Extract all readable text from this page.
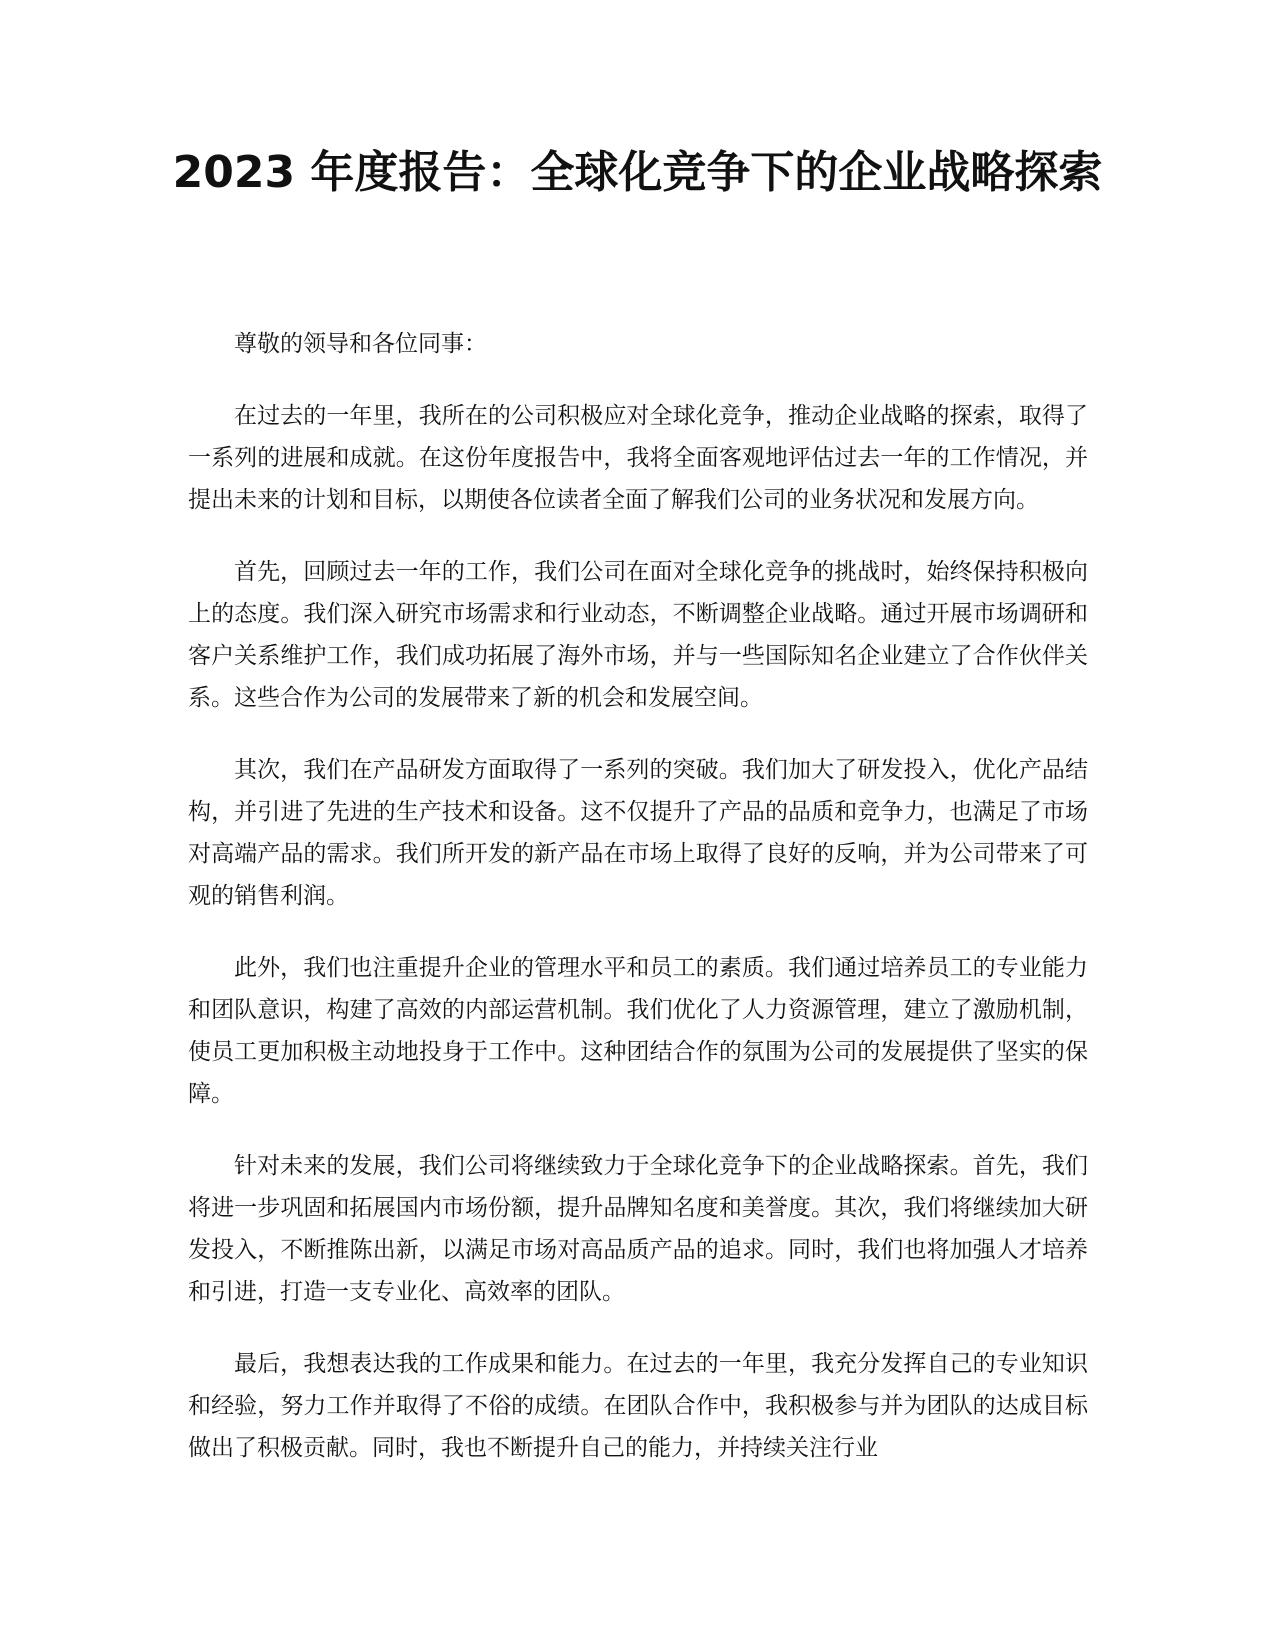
2023 年度报告：全球化竞争下的企业战略探索

尊敬的领导和各位同事：

在过去的一年里，我所在的公司积极应对全球化竞争，推动企业战略的探索，取得了一系列的进展和成就。在这份年度报告中，我将全面客观地评估过去一年的工作情况，并提出未来的计划和目标，以期使各位读者全面了解我们公司的业务状况和发展方向。

首先，回顾过去一年的工作，我们公司在面对全球化竞争的挑战时，始终保持积极向上的态度。我们深入研究市场需求和行业动态，不断调整企业战略。通过开展市场调研和客户关系维护工作，我们成功拓展了海外市场，并与一些国际知名企业建立了合作伙伴关系。这些合作为公司的发展带来了新的机会和发展空间。

其次，我们在产品研发方面取得了一系列的突破。我们加大了研发投入，优化产品结构，并引进了先进的生产技术和设备。这不仅提升了产品的品质和竞争力，也满足了市场对高端产品的需求。我们所开发的新产品在市场上取得了良好的反响，并为公司带来了可观的销售利润。

此外，我们也注重提升企业的管理水平和员工的素质。我们通过培养员工的专业能力和团队意识，构建了高效的内部运营机制。我们优化了人力资源管理，建立了激励机制，使员工更加积极主动地投身于工作中。这种团结合作的氛围为公司的发展提供了坚实的保障。

针对未来的发展，我们公司将继续致力于全球化竞争下的企业战略探索。首先，我们将进一步巩固和拓展国内市场份额，提升品牌知名度和美誉度。其次，我们将继续加大研发投入，不断推陈出新，以满足市场对高品质产品的追求。同时，我们也将加强人才培养和引进，打造一支专业化、高效率的团队。

最后，我想表达我的工作成果和能力。在过去的一年里，我充分发挥自己的专业知识和经验，努力工作并取得了不俗的成绩。在团队合作中，我积极参与并为团队的达成目标做出了积极贡献。同时，我也不断提升自己的能力，并持续关注行业
